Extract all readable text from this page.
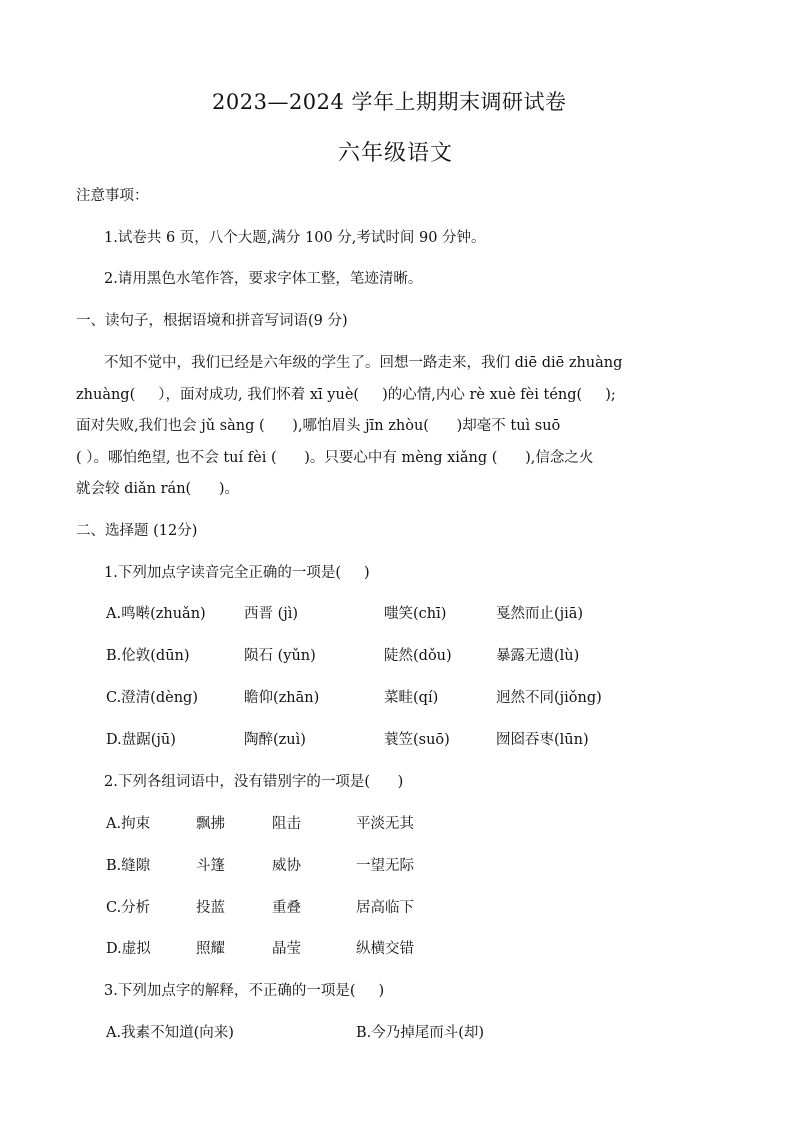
2023—2024 学年上期期末调研试卷
六年级语文
注意事项：
1.试卷共 6 页，八个大题,满分 100 分,考试时间 90 分钟。
2.请用黑色水笔作答，要求字体工整，笔迹清晰。
一、读句子，根据语境和拼音写词语(9 分)
不知不觉中，我们已经是六年级的学生了。回想一路走来，我们 diē diē zhuàng
zhuàng(     ），面对成功, 我们怀着 xī yuè(     )的心情,内心 rè xuè fèi téng(     );
面对失败,我们也会 jǔ sàng (      ),哪怕眉头 jīn zhòu(      )却毫不 tuì suō
( ）。哪怕绝望, 也不会 tuí fèi (      )。只要心中有 mèng xiǎng (      ),信念之火
就会较 diǎn rán(      )。
二、选择题 (12分)
1.下列加点字读音完全正确的一项是(     )
A.鸣啭(zhuǎn)	西晋 (jì)	嗤笑(chī)	戛然而止(jiā)
B.伦敦(dūn)	陨石 (yǔn)	陡然(dǒu)	暴露无遗(lù)
C.澄清(dèng)	瞻仰(zhān)	菜畦(qí)	迥然不同(jiǒng)
D.盘踞(jū)	陶醉(zuì)	蓑笠(suō)	囫囵吞枣(lūn)
2.下列各组词语中，没有错别字的一项是(      )
A.拘束	飘拂	阻击	平淡无其
B.缝隙	斗篷	威协	一望无际
C.分析	投蓝	重叠	居高临下
D.虚拟	照耀	晶莹	纵横交错
3.下列加点字的解释，不正确的一项是(     )
A.我素不知道(向来)	B.今乃掉尾而斗(却)
